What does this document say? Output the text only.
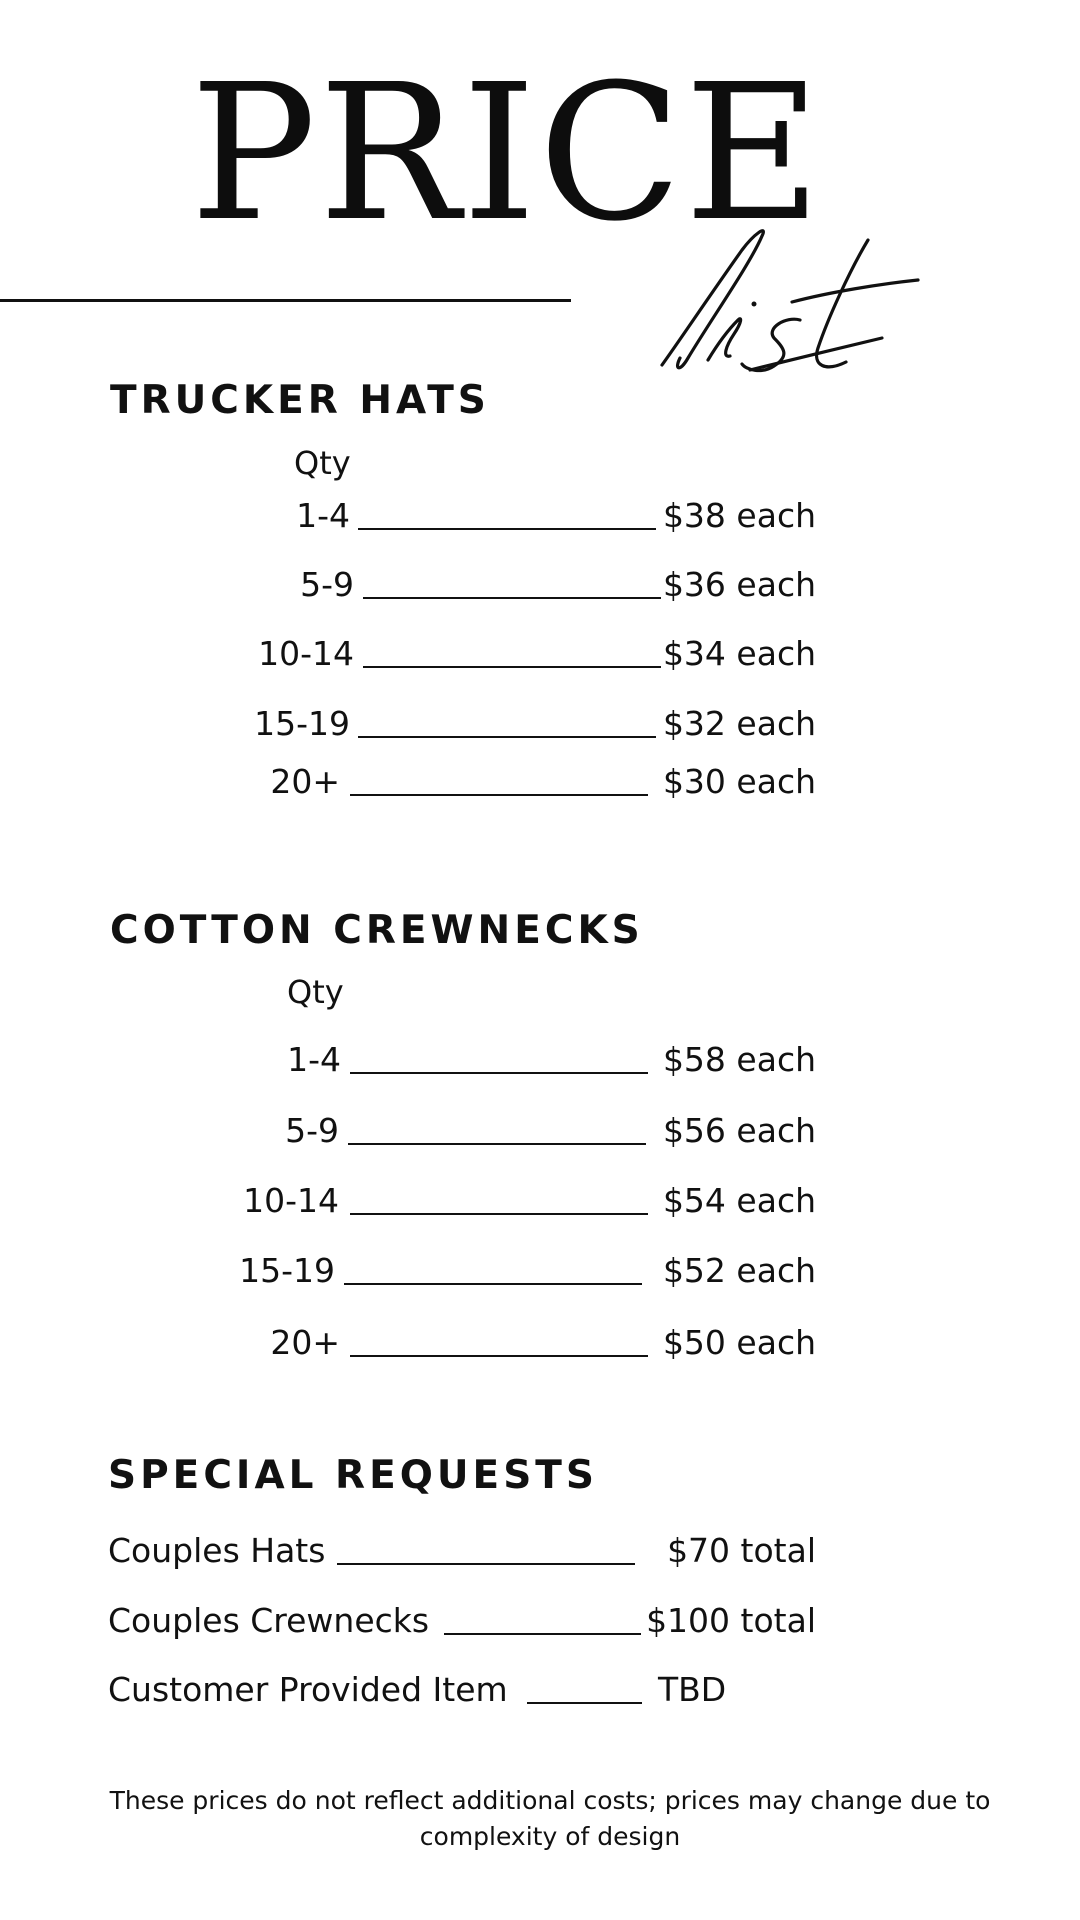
PRICE
TRUCKER HATS
Qty
1-4	$38 each
5-9	$36 each
10-14	$34 each
15-19	$32 each
20+	$30 each
COTTON CREWNECKS
Qty
1-4	$58 each
5-9	$56 each
10-14	$54 each
15-19	$52 each
20+	$50 each
SPECIAL REQUESTS
Couples Hats	$70 total
Couples Crewnecks	$100 total
Customer Provided Item	TBD

These prices do not reflect additional costs; prices may change due to complexity of design
